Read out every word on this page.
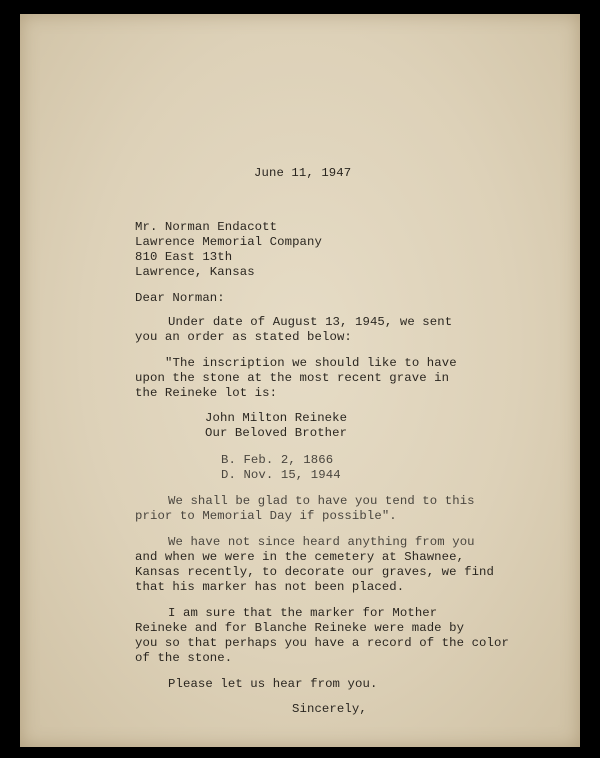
June 11, 1947
Mr. Norman Endacott
Lawrence Memorial Company
810 East 13th
Lawrence, Kansas
Dear Norman:
Under date of August 13, 1945, we sent
you an order as stated below:
"The inscription we should like to have
upon the stone at the most recent grave in
the Reineke lot is:
John Milton Reineke
Our Beloved Brother
B. Feb. 2, 1866
D. Nov. 15, 1944
We shall be glad to have you tend to this
prior to Memorial Day if possible".
We have not since heard anything from you
and when we were in the cemetery at Shawnee,
Kansas recently, to decorate our graves, we find
that his marker has not been placed.
I am sure that the marker for Mother
Reineke and for Blanche Reineke were made by
you so that perhaps you have a record of the color
of the stone.
Please let us hear from you.
Sincerely,
